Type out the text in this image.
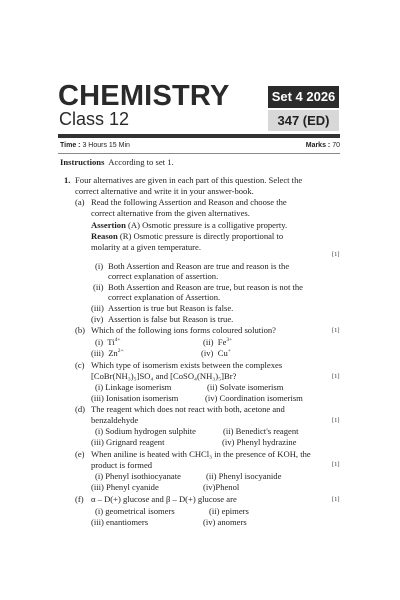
CHEMISTRY
Class 12
Set 4 2026
347 (ED)
Time : 3 Hours 15 Min	Marks : 70
Instructions According to set 1.
1. Four alternatives are given in each part of this question. Select the
correct alternative and write it in your answer-book.
(a) Read the following Assertion and Reason and choose the
correct alternative from the given alternatives.
Assertion (A) Osmotic pressure is a colligative property.
Reason (R) Osmotic pressure is directly proportional to
molarity at a given temperature.
[1]
(i) Both Assertion and Reason are true and reason is the
correct explanation of assertion.
(ii) Both Assertion and Reason are true, but reason is not the
correct explanation of Assertion.
(iii) Assertion is true but Reason is false.
(iv) Assertion is false but Reason is true.
(b) Which of the following ions forms coloured solution?	[1]
(i) $Ti^{4+}$	(ii) $Fe^{3+}$
(iii) $Zn^{2+}$	(iv) Cu+
(c) Which type of isomerism exists between the complexes
[CoBr(NH₃)₅]SO₄ and [CoSO₄(NH₃)₅]Br?	[1]
(i) Linkage isomerism	(ii) Solvate isomerism
(iii) Ionisation isomerism	(iv) Coordination isomerism
(d) The reagent which does not react with both, acetone and
benzaldehyde	[1]
(i) Sodium hydrogen sulphite	(ii) Benedict's reagent
(iii) Grignard reagent	(iv) Phenyl hydrazine
(e) When aniline is heated with CHCl₃ in the presence of KOH, the
product is formed	[1]
(i) Phenyl isothiocyanate	(ii) Phenyl isocyanide
(iii) Phenyl cyanide	(iv)Phenol
(f) α – D(+) glucose and β – D(+) glucose are	[1]
(i) geometrical isomers	(ii) epimers
(iii) enantiomers	(iv) anomers
